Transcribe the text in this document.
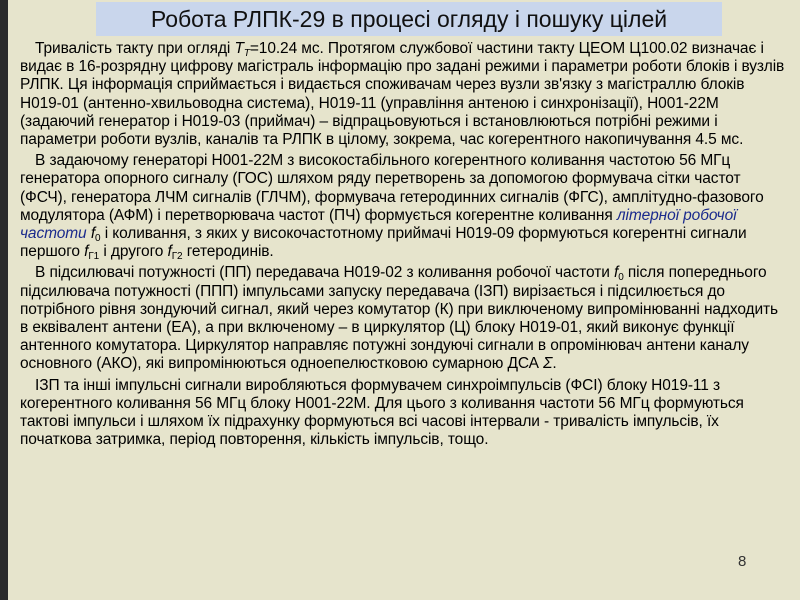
Робота РЛПК-29 в процесі огляду і пошуку цілей

Тривалість такту при огляді $Т_Т=10.24$ мс. Протягом службової частини такту ЦЕОМ Ц100.02 визначає і видає в 16-розрядну цифрову магістраль інформацію про задані режими і параметри роботи блоків і вузлів РЛПК. Ця інформація сприймається і видається споживачам через вузли зв'язку з магістраллю блоків Н019-01 (антенно-хвильоводна система), Н019-11 (управління антеною і синхронізації), Н001-22М (задаючий генератор і Н019-03 (приймач) – відпрацьовуються і встановлюються потрібні режими і параметри роботи вузлів, каналів та РЛПК в цілому, зокрема, час когерентного накопичування 4.5 мс.

В задаючому генераторі Н001-22М з високостабільного когерентного коливання частотою 56 МГц генератора опорного сигналу (ГОС) шляхом ряду перетворень за допомогою формувача сітки частот (ФСЧ), генератора ЛЧМ сигналів (ГЛЧМ), формувача гетеродинних сигналів (ФГС), амплітудно-фазового модулятора (АФМ) і перетворювача частот (ПЧ) формується когерентне коливання літерної робочої частоти $f_0$ і коливання, з яких у високочастотному приймачі Н019-09 формуються когерентні сигнали першого $f_{Г1}$ і другого $f_{Г2}$ гетеродинів.

В підсилювачі потужності (ПП) передавача Н019-02 з коливання робочої частоти $f_0$ після попереднього підсилювача потужності (ППП) імпульсами запуску передавача (ІЗП) вирізається і підсилюється до потрібного рівня зондуючий сигнал, який через комутатор (К) при виключеному випромінюванні надходить в еквівалент антени (ЕА), а при включеному – в циркулятор (Ц) блоку Н019-01, який виконує функції антенного комутатора. Циркулятор направляє потужні зондуючі сигнали в опромінювач антени каналу основного (АКО), які випромінюються одноепелюстковою сумарною ДСА Σ.

ІЗП та інші імпульсні сигнали виробляються формувачем синхроімпульсів (ФСІ) блоку Н019-11 з когерентного коливання 56 МГц блоку Н001-22М. Для цього з коливання частоти 56 МГц формуються тактові імпульси і шляхом їх підрахунку формуються всі часові інтервали - тривалість імпульсів, їх початкова затримка, період повторення, кількість імпульсів, тощо.

8
